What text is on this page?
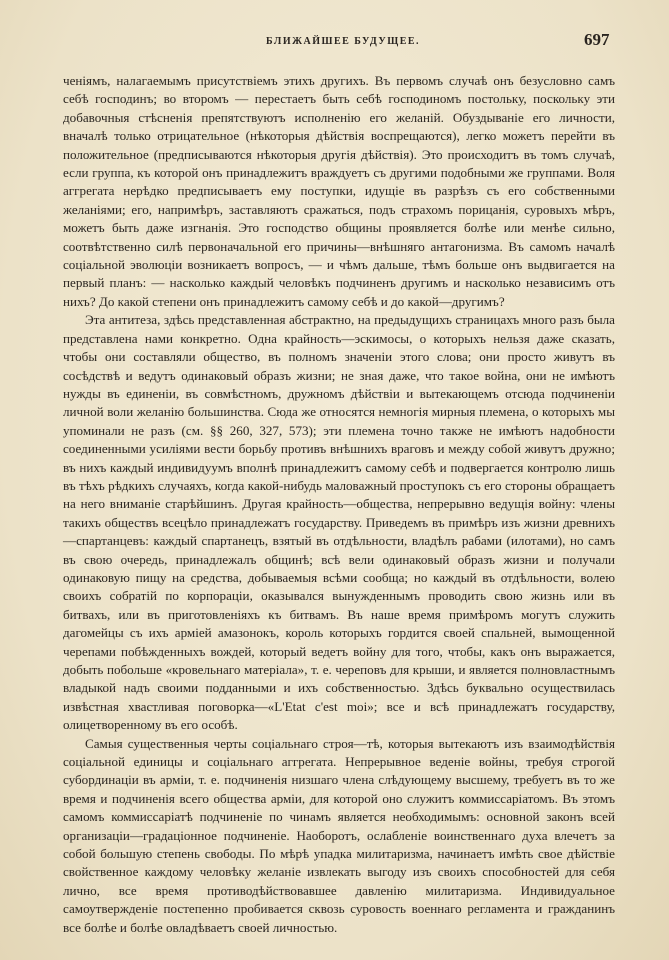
БЛИЖАЙШЕЕ БУДУЩЕЕ.	697

ченіямъ, налагаемымъ присутствіемъ этихъ другихъ. Въ первомъ случаѣ онъ безусловно самъ себѣ господинъ; во второмъ — перестаетъ быть себѣ господиномъ постольку, поскольку эти добавочныя стѣсненія препятствуютъ исполненію его желаній. Обуздываніе его личности, вначалѣ только отрицательное (нѣкоторыя дѣйствія воспрещаются), легко можетъ перейти въ положительное (предписываются нѣкоторыя другія дѣйствія). Это происходитъ въ томъ случаѣ, если группа, къ которой онъ принадлежитъ враждуетъ съ другими подобными же группами. Воля аггрегата нерѣдко предписываетъ ему поступки, идущіе въ разрѣзъ съ его собственными желаніями; его, напримѣръ, заставляютъ сражаться, подъ страхомъ порицанія, суровыхъ мѣръ, можетъ быть даже изгнанія. Это господство общины проявляется болѣе или менѣе сильно, соотвѣтственно силѣ первоначальной его причины—внѣшняго антагонизма. Въ самомъ началѣ соціальной эволюціи возникаетъ вопросъ, — и чѣмъ дальше, тѣмъ больше онъ выдвигается на первый планъ: — насколько каждый человѣкъ подчиненъ другимъ и насколько независимъ отъ нихъ? До какой степени онъ принадлежитъ самому себѣ и до какой—другимъ?

Эта антитеза, здѣсь представленная абстрактно, на предыдущихъ страницахъ много разъ была представлена нами конкретно. Одна крайность—эскимосы, о которыхъ нельзя даже сказать, чтобы они составляли общество, въ полномъ значеніи этого слова; они просто живутъ въ сосѣдствѣ и ведутъ одинаковый образъ жизни; не зная даже, что такое война, они не имѣютъ нужды въ единеніи, въ совмѣстномъ, дружномъ дѣйствіи и вытекающемъ отсюда подчиненіи личной воли желанію большинства. Сюда же относятся немногія мирныя племена, о которыхъ мы упоминали не разъ (см. §§ 260, 327, 573); эти племена точно также не имѣютъ надобности соединенными усиліями вести борьбу противъ внѣшнихъ враговъ и между собой живутъ дружно; въ нихъ каждый индивидуумъ вполнѣ принадлежитъ самому себѣ и подвергается контролю лишь въ тѣхъ рѣдкихъ случаяхъ, когда какой-нибудь маловажный проступокъ съ его стороны обращаетъ на него вниманіе старѣйшинъ. Другая крайность—общества, непрерывно ведущія войну: члены такихъ обществъ всецѣло принадлежатъ государству. Приведемъ въ примѣръ изъ жизни древнихъ—спартанцевъ: каждый спартанецъ, взятый въ отдѣльности, владѣлъ рабами (илотами), но самъ въ свою очередь, принадлежалъ общинѣ; всѣ вели одинаковый образъ жизни и получали одинаковую пищу на средства, добываемыя всѣми сообща; но каждый въ отдѣльности, волею своихъ собратій по корпораціи, оказывался вынужденнымъ проводить свою жизнь или въ битвахъ, или въ приготовленіяхъ къ битвамъ. Въ наше время примѣромъ могутъ служить дагомейцы съ ихъ арміей амазонокъ, король которыхъ гордится своей спальней, вымощенной черепами побѣжденныхъ вождей, который ведетъ войну для того, чтобы, какъ онъ выражается, добыть побольше «кровельнаго матеріала», т. е. череповъ для крыши, и является полновластнымъ владыкой надъ своими подданными и ихъ собственностью. Здѣсь буквально осуществилась извѣстная хвастливая поговорка—«L'Etat c'est moi»; все и всѣ принадлежатъ государству, олицетворенному въ его особѣ.

Самыя существенныя черты соціальнаго строя—тѣ, которыя вытекаютъ изъ взаимодѣйствія соціальной единицы и соціальнаго аггрегата. Непрерывное веденіе войны, требуя строгой субординаціи въ арміи, т. е. подчиненія низшаго члена слѣдующему высшему, требуетъ въ то же время и подчиненія всего общества арміи, для которой оно служитъ коммиссаріатомъ. Въ этомъ самомъ коммиссаріатѣ подчиненіе по чинамъ является необходимымъ: основной законъ всей организаціи—градаціонное подчиненіе. Наоборотъ, ослабленіе воинственнаго духа влечетъ за собой большую степень свободы. По мѣрѣ упадка милитаризма, начинаетъ имѣть свое дѣйствіе свойственное каждому человѣку желаніе извлекать выгоду изъ своихъ способностей для себя лично, все время противодѣйствовавшее давленію милитаризма. Индивидуальное самоутвержденіе постепенно пробивается сквозь суровость военнаго регламента и гражданинъ все болѣе и болѣе овладѣваетъ своей личностью.
